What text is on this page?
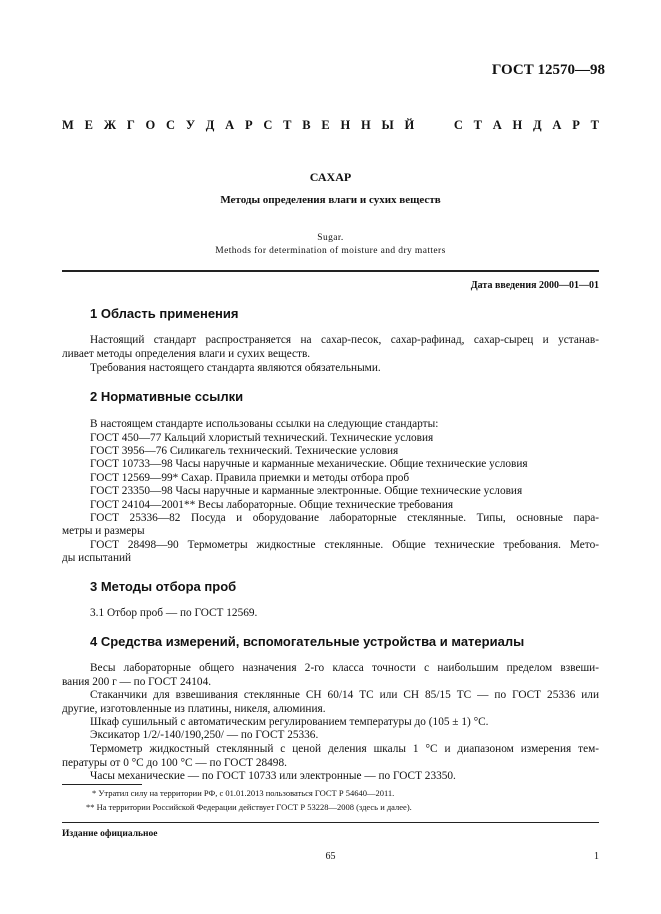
ГОСТ 12570—98
М Е Ж Г О С У Д А Р С Т В Е Н Н Ы Й	С Т А Н Д А Р Т
САХАР
Методы определения влаги и сухих веществ
Sugar.
Methods for determination of moisture and dry matters
Дата введения 2000—01—01
1 Область применения
Настоящий стандарт распространяется на сахар-песок, сахар-рафинад, сахар-сырец и устанав-
ливает методы определения влаги и сухих веществ.
Требования настоящего стандарта являются обязательными.
2 Нормативные ссылки
В настоящем стандарте использованы ссылки на следующие стандарты:
ГОСТ 450—77 Кальций хлористый технический. Технические условия
ГОСТ 3956—76 Силикагель технический. Технические условия
ГОСТ 10733—98 Часы наручные и карманные механические. Общие технические условия
ГОСТ 12569—99* Сахар. Правила приемки и методы отбора проб
ГОСТ 23350—98 Часы наручные и карманные электронные. Общие технические условия
ГОСТ 24104—2001** Весы лабораторные. Общие технические требования
ГОСТ 25336—82 Посуда и оборудование лабораторные стеклянные. Типы, основные пара-
метры и размеры
ГОСТ 28498—90 Термометры жидкостные стеклянные. Общие технические требования. Мето-
ды испытаний
3 Методы отбора проб
3.1 Отбор проб — по ГОСТ 12569.
4 Средства измерений, вспомогательные устройства и материалы
Весы лабораторные общего назначения 2-го класса точности с наибольшим пределом взвеши-
вания 200 г — по ГОСТ 24104.
Стаканчики для взвешивания стеклянные СН 60/14 ТС или СН 85/15 ТС — по ГОСТ 25336 или
другие, изготовленные из платины, никеля, алюминия.
Шкаф сушильный с автоматическим регулированием температуры до (105 ± 1) °С.
Эксикатор 1/2/-140/190,250/ — по ГОСТ 25336.
Термометр жидкостный стеклянный с ценой деления шкалы 1 °С и диапазоном измерения тем-
пературы от 0 °С до 100 °С — по ГОСТ 28498.
Часы механические — по ГОСТ 10733 или электронные — по ГОСТ 23350.
* Утратил силу на территории РФ, с 01.01.2013 пользоваться ГОСТ Р 54640—2011.
** На территории Российской Федерации действует ГОСТ Р 53228—2008 (здесь и далее).
Издание официальное
65	1
